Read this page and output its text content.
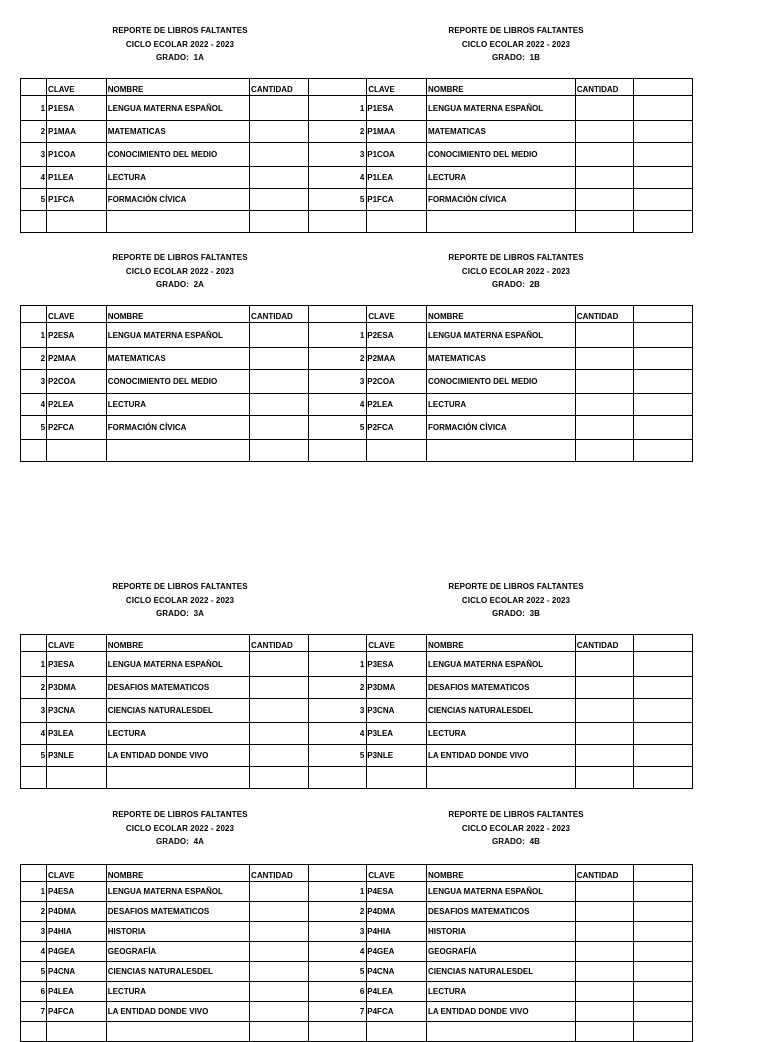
REPORTE DE LIBROS FALTANTES
CICLO ECOLAR 2022 - 2023
GRADO:  1A
REPORTE DE LIBROS FALTANTES
CICLO ECOLAR 2022 - 2023
GRADO:  1B
	CLAVE	NOMBRE	CANTIDAD		CLAVE	NOMBRE	CANTIDAD	
1	P1ESA	LENGUA MATERNA ESPAÑOL			1 P1ESA	LENGUA MATERNA ESPAÑOL		
2	P1MAA	MATEMATICAS			2 P1MAA	MATEMATICAS		
3	P1COA	CONOCIMIENTO DEL MEDIO			3 P1COA	CONOCIMIENTO DEL MEDIO		
4	P1LEA	LECTURA			4 P1LEA	LECTURA		
5	P1FCA	FORMACIÓN CÍVICA			5 P1FCA	FORMACIÓN CÍVICA		

REPORTE DE LIBROS FALTANTES
CICLO ECOLAR 2022 - 2023
GRADO:  2A
REPORTE DE LIBROS FALTANTES
CICLO ECOLAR 2022 - 2023
GRADO:  2B
	CLAVE	NOMBRE	CANTIDAD		CLAVE	NOMBRE	CANTIDAD	
1	P2ESA	LENGUA MATERNA ESPAÑOL			1 P2ESA	LENGUA MATERNA ESPAÑOL		
2	P2MAA	MATEMATICAS			2 P2MAA	MATEMATICAS		
3	P2COA	CONOCIMIENTO DEL MEDIO			3 P2COA	CONOCIMIENTO DEL MEDIO		
4	P2LEA	LECTURA			4 P2LEA	LECTURA		
5	P2FCA	FORMACIÓN CÍVICA			5 P2FCA	FORMACIÓN CÍVICA		

REPORTE DE LIBROS FALTANTES
CICLO ECOLAR 2022 - 2023
GRADO:  3A
REPORTE DE LIBROS FALTANTES
CICLO ECOLAR 2022 - 2023
GRADO:  3B
	CLAVE	NOMBRE	CANTIDAD		CLAVE	NOMBRE	CANTIDAD	
1	P3ESA	LENGUA MATERNA ESPAÑOL			1 P3ESA	LENGUA MATERNA ESPAÑOL		
2	P3DMA	DESAFIOS MATEMATICOS			2 P3DMA	DESAFIOS MATEMATICOS		
3	P3CNA	CIENCIAS NATURALESDEL			3 P3CNA	CIENCIAS NATURALESDEL		
4	P3LEA	LECTURA			4 P3LEA	LECTURA		
5	P3NLE	LA ENTIDAD DONDE VIVO			5 P3NLE	LA ENTIDAD DONDE VIVO		

REPORTE DE LIBROS FALTANTES
CICLO ECOLAR 2022 - 2023
GRADO:  4A
REPORTE DE LIBROS FALTANTES
CICLO ECOLAR 2022 - 2023
GRADO:  4B
	CLAVE	NOMBRE	CANTIDAD		CLAVE	NOMBRE	CANTIDAD	
1	P4ESA	LENGUA MATERNA ESPAÑOL			1 P4ESA	LENGUA MATERNA ESPAÑOL		
2	P4DMA	DESAFIOS MATEMATICOS			2 P4DMA	DESAFIOS MATEMATICOS		
3	P4HIA	HISTORIA			3 P4HIA	HISTORIA		
4	P4GEA	GEOGRAFÍA			4 P4GEA	GEOGRAFÍA		
5	P4CNA	CIENCIAS NATURALESDEL			5 P4CNA	CIENCIAS NATURALESDEL		
6	P4LEA	LECTURA			6 P4LEA	LECTURA		
7	P4FCA	LA ENTIDAD DONDE VIVO			7 P4FCA	LA ENTIDAD DONDE VIVO		
